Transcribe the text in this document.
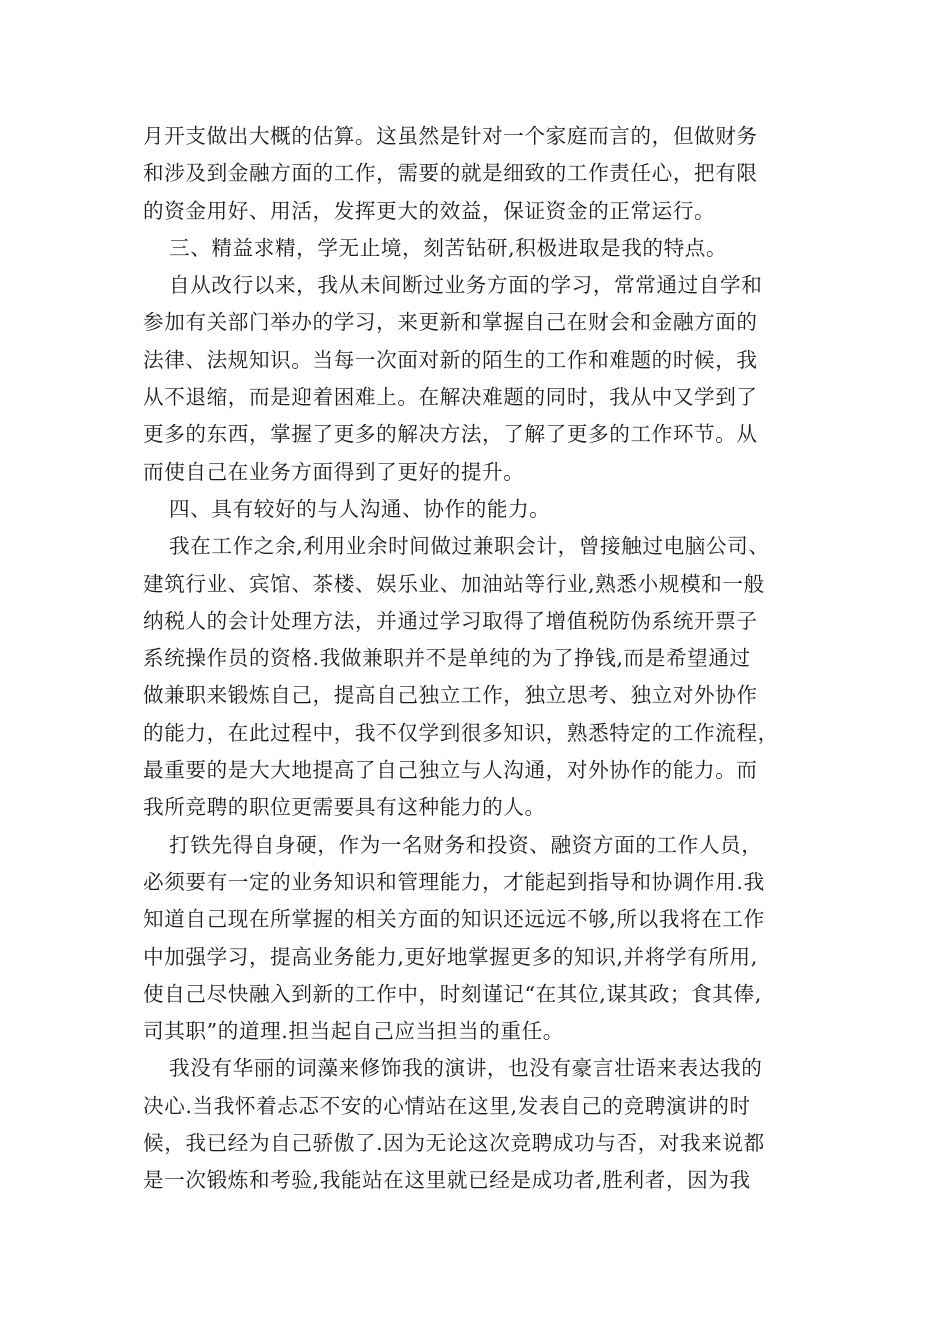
月开支做出大概的估算。这虽然是针对一个家庭而言的，但做财务
和涉及到金融方面的工作，需要的就是细致的工作责任心，把有限
的资金用好、用活，发挥更大的效益，保证资金的正常运行。
三、精益求精，学无止境，刻苦钻研,积极进取是我的特点。
自从改行以来，我从未间断过业务方面的学习，常常通过自学和
参加有关部门举办的学习，来更新和掌握自己在财会和金融方面的
法律、法规知识。当每一次面对新的陌生的工作和难题的时候，我
从不退缩，而是迎着困难上。在解决难题的同时，我从中又学到了
更多的东西，掌握了更多的解决方法，了解了更多的工作环节。从
而使自己在业务方面得到了更好的提升。
四、具有较好的与人沟通、协作的能力。
我在工作之余,利用业余时间做过兼职会计，曾接触过电脑公司、
建筑行业、宾馆、茶楼、娱乐业、加油站等行业,熟悉小规模和一般
纳税人的会计处理方法，并通过学习取得了增值税防伪系统开票子
系统操作员的资格.我做兼职并不是单纯的为了挣钱,而是希望通过
做兼职来锻炼自己，提高自己独立工作，独立思考、独立对外协作
的能力，在此过程中，我不仅学到很多知识，熟悉特定的工作流程，
最重要的是大大地提高了自己独立与人沟通，对外协作的能力。而
我所竞聘的职位更需要具有这种能力的人。
打铁先得自身硬，作为一名财务和投资、融资方面的工作人员，
必须要有一定的业务知识和管理能力，才能起到指导和协调作用.我
知道自己现在所掌握的相关方面的知识还远远不够,所以我将在工作
中加强学习，提高业务能力,更好地掌握更多的知识,并将学有所用,
使自己尽快融入到新的工作中，时刻谨记“在其位,谋其政；食其俸,
司其职”的道理.担当起自己应当担当的重任。
我没有华丽的词藻来修饰我的演讲，也没有豪言壮语来表达我的
决心.当我怀着忐忑不安的心情站在这里,发表自己的竞聘演讲的时
候，我已经为自己骄傲了.因为无论这次竞聘成功与否，对我来说都
是一次锻炼和考验,我能站在这里就已经是成功者,胜利者，因为我
